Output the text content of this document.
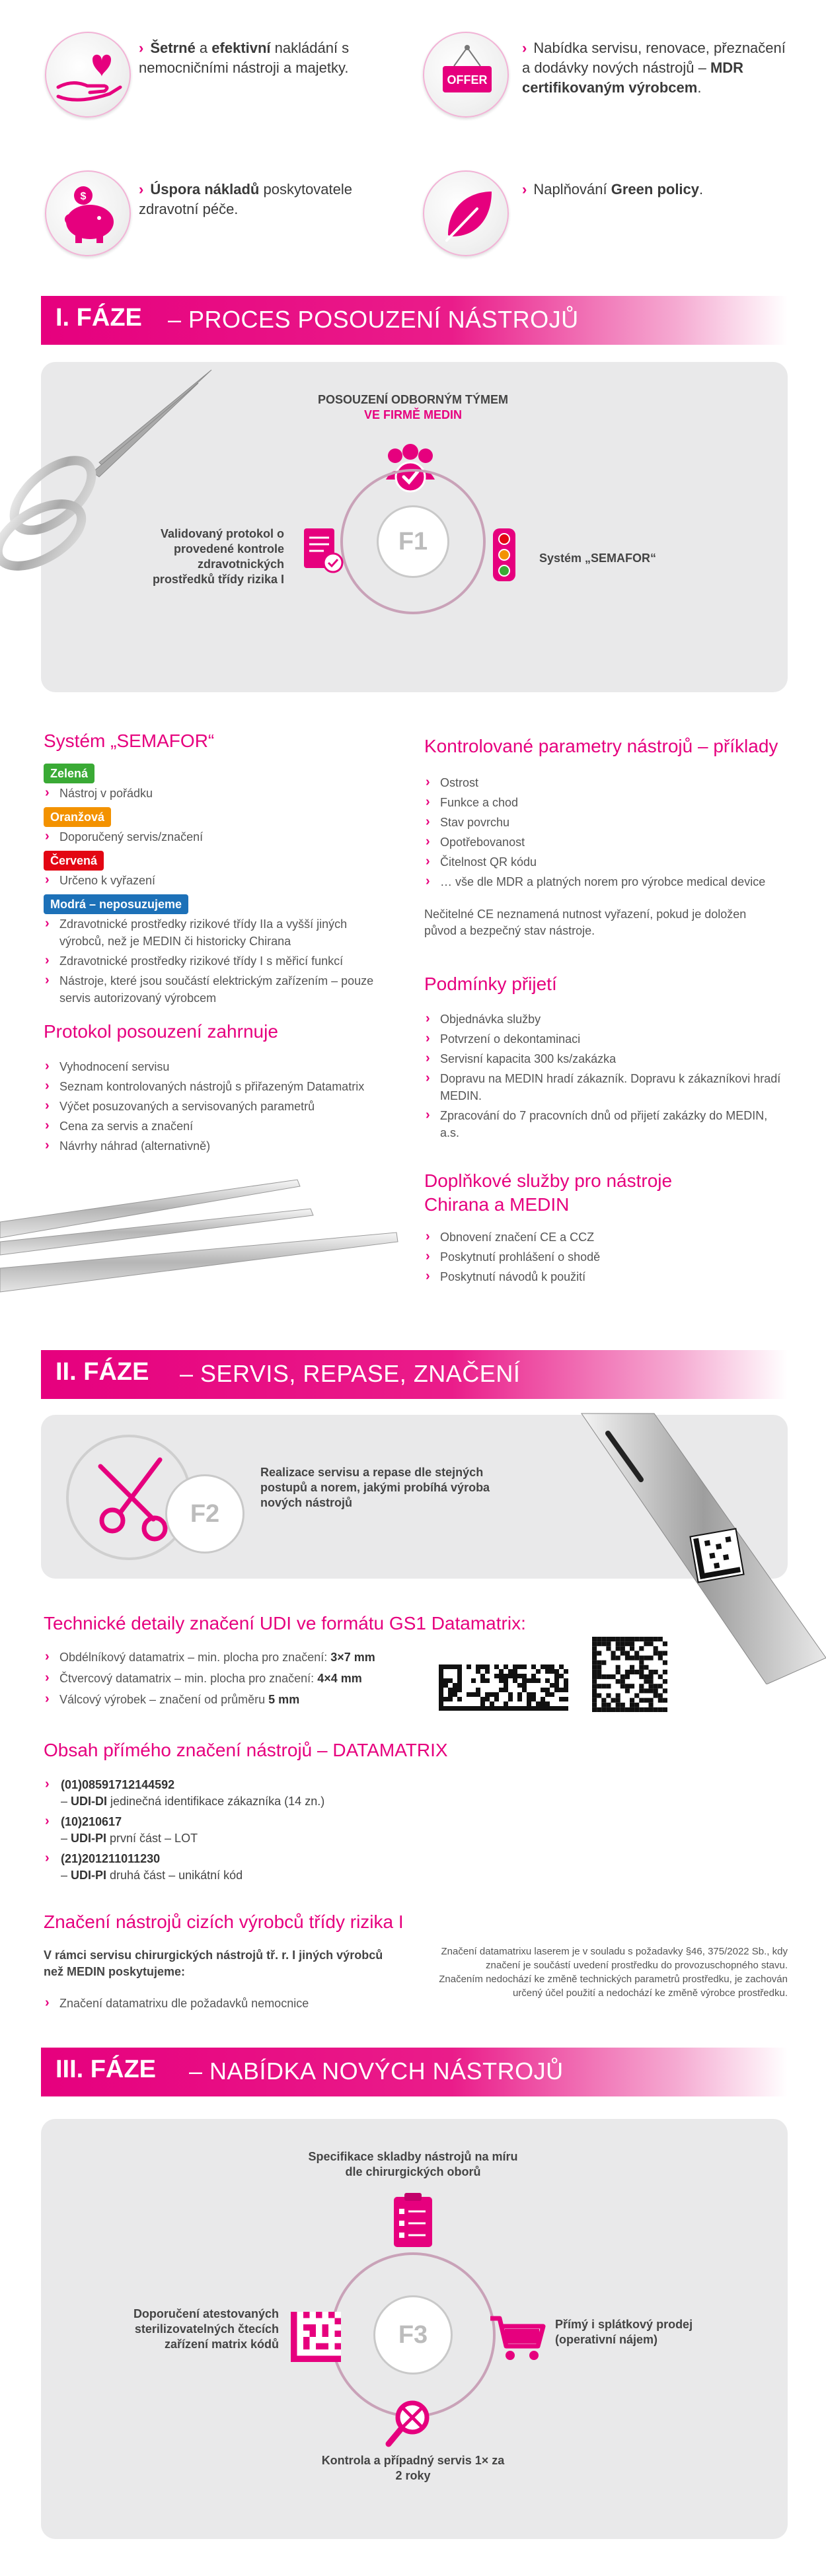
› Šetrné a efektivní nakládání s nemocničními nástroji a majetky.
OFFER
› Nabídka servisu, renovace, přeznačení a dodávky nových nástrojů – MDR certifikovaným výrobcem.
$	› Úspora nákladů poskytovatele zdravotní péče.
› Naplňování Green policy.
I. FÁZE – PROCES POSOUZENÍ NÁSTROJŮ
POSOUZENÍ ODBORNÝM TÝMEM
VE FIRMĚ MEDIN
F1
Validovaný protokol o provedené kontrole zdravotnických prostředků třídy rizika I
Systém „SEMAFOR“
Systém „SEMAFOR“
Zelená
› Nástroj v pořádku
Oranžová
› Doporučený servis/značení
Červená
› Určeno k vyřazení
Modrá – neposuzujeme
› Zdravotnické prostředky rizikové třídy IIa a vyšší jiných výrobců, než je MEDIN či historicky Chirana
› Zdravotnické prostředky rizikové třídy I s měřicí funkcí
› Nástroje, které jsou součástí elektrickým zařízením – pouze servis autorizovaný výrobcem
Protokol posouzení zahrnuje
› Vyhodnocení servisu
› Seznam kontrolovaných nástrojů s přiřazeným Datamatrix
› Výčet posuzovaných a servisovaných parametrů
› Cena za servis a značení
› Návrhy náhrad (alternativně)
Kontrolované parametry nástrojů – příklady
› Ostrost
› Funkce a chod
› Stav povrchu
› Opotřebovanost
› Čitelnost QR kódu
› … vše dle MDR a platných norem pro výrobce medical device
Nečitelné CE neznamená nutnost vyřazení, pokud je doložen původ a bezpečný stav nástroje.
Podmínky přijetí
› Objednávka služby
› Potvrzení o dekontaminaci
› Servisní kapacita 300 ks/zakázka
› Dopravu na MEDIN hradí zákazník. Dopravu k zákazníkovi hradí MEDIN.
› Zpracování do 7 pracovních dnů od přijetí zakázky do MEDIN, a.s.
Doplňkové služby pro nástroje
Chirana a MEDIN
› Obnovení značení CE a CCZ
› Poskytnutí prohlášení o shodě
› Poskytnutí návodů k použití
II. FÁZE – SERVIS, REPASE, ZNAČENÍ
F2
Realizace servisu a repase dle stejných postupů a norem, jakými probíhá výroba nových nástrojů
Technické detaily značení UDI ve formátu GS1 Datamatrix:
› Obdélníkový datamatrix – min. plocha pro značení: 3×7 mm
› Čtvercový datamatrix – min. plocha pro značení: 4×4 mm
› Válcový výrobek – značení od průměru 5 mm
Obsah přímého značení nástrojů – DATAMATRIX
› (01)08591712144592
– UDI-DI jedinečná identifikace zákazníka (14 zn.)
› (10)210617
– UDI-PI první část – LOT
› (21)201211011230
– UDI-PI druhá část – unikátní kód
Značení nástrojů cizích výrobců třídy rizika I
V rámci servisu chirurgických nástrojů tř. r. I jiných výrobců než MEDIN poskytujeme:
› Značení datamatrixu dle požadavků nemocnice
Značení datamatrixu laserem je v souladu s požadavky §46, 375/2022 Sb., kdy značení je součástí uvedení prostředku do provozuschopného stavu.
Značením nedochází ke změně technických parametrů prostředku, je zachován určený účel použití a nedochází ke změně výrobce prostředku.
III. FÁZE – NABÍDKA NOVÝCH NÁSTROJŮ
Specifikace skladby nástrojů na míru dle chirurgických oborů
F3
Doporučení atestovaných sterilizovatelných čtecích zařízení matrix kódů
Přímý i splátkový prodej (operativní nájem)
Kontrola a případný servis 1× za 2 roky
